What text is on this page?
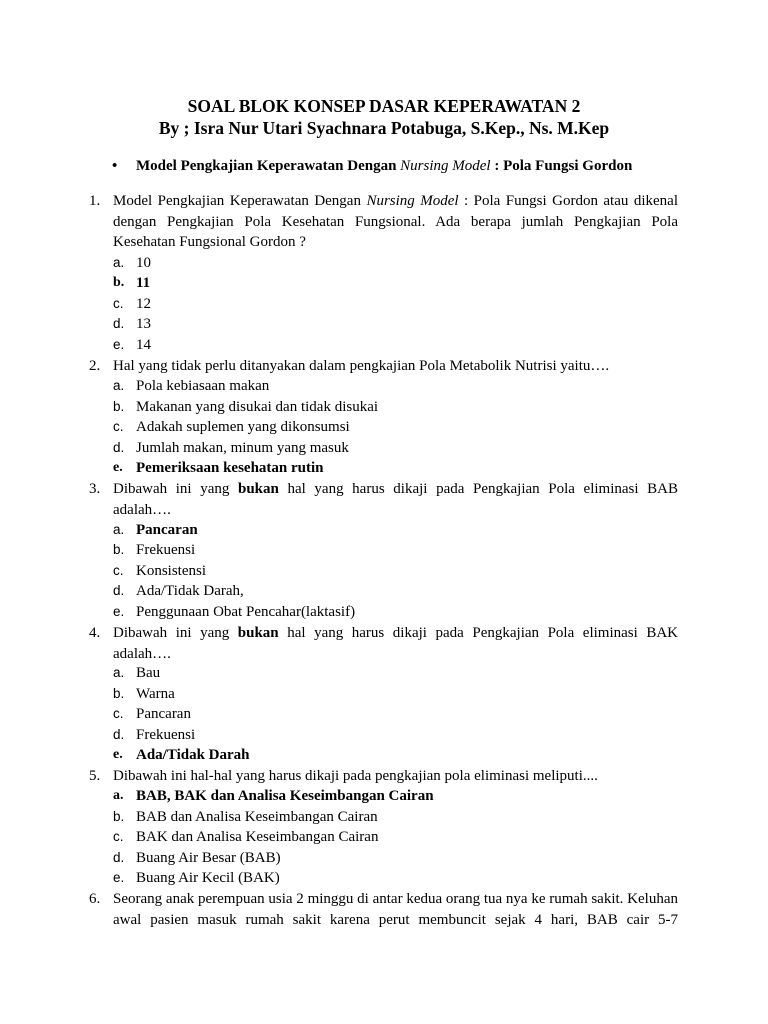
SOAL BLOK KONSEP DASAR KEPERAWATAN 2
By ; Isra Nur Utari Syachnara Potabuga, S.Kep., Ns. M.Kep
• Model Pengkajian Keperawatan Dengan Nursing Model : Pola Fungsi Gordon
1. Model Pengkajian Keperawatan Dengan Nursing Model : Pola Fungsi Gordon atau dikenal dengan Pengkajian Pola Kesehatan Fungsional. Ada berapa jumlah Pengkajian Pola Kesehatan Fungsional Gordon ?
a. 10
b. 11
c. 12
d. 13
e. 14
2. Hal yang tidak perlu ditanyakan dalam pengkajian Pola Metabolik Nutrisi yaitu….
a. Pola kebiasaan makan
b. Makanan yang disukai dan tidak disukai
c. Adakah suplemen yang dikonsumsi
d. Jumlah makan, minum yang masuk
e. Pemeriksaan kesehatan rutin
3. Dibawah ini yang bukan hal yang harus dikaji pada Pengkajian Pola eliminasi BAB adalah….
a. Pancaran
b. Frekuensi
c. Konsistensi
d. Ada/Tidak Darah,
e. Penggunaan Obat Pencahar(laktasif)
4. Dibawah ini yang bukan hal yang harus dikaji pada Pengkajian Pola eliminasi BAK adalah….
a. Bau
b. Warna
c. Pancaran
d. Frekuensi
e. Ada/Tidak Darah
5. Dibawah ini hal-hal yang harus dikaji pada pengkajian pola eliminasi meliputi....
a. BAB, BAK dan Analisa Keseimbangan Cairan
b. BAB dan Analisa Keseimbangan Cairan
c. BAK dan Analisa Keseimbangan Cairan
d. Buang Air Besar (BAB)
e. Buang Air Kecil (BAK)
6. Seorang anak perempuan usia 2 minggu di antar kedua orang tua nya ke rumah sakit. Keluhan awal pasien masuk rumah sakit karena perut membuncit sejak 4 hari, BAB cair 5-7
